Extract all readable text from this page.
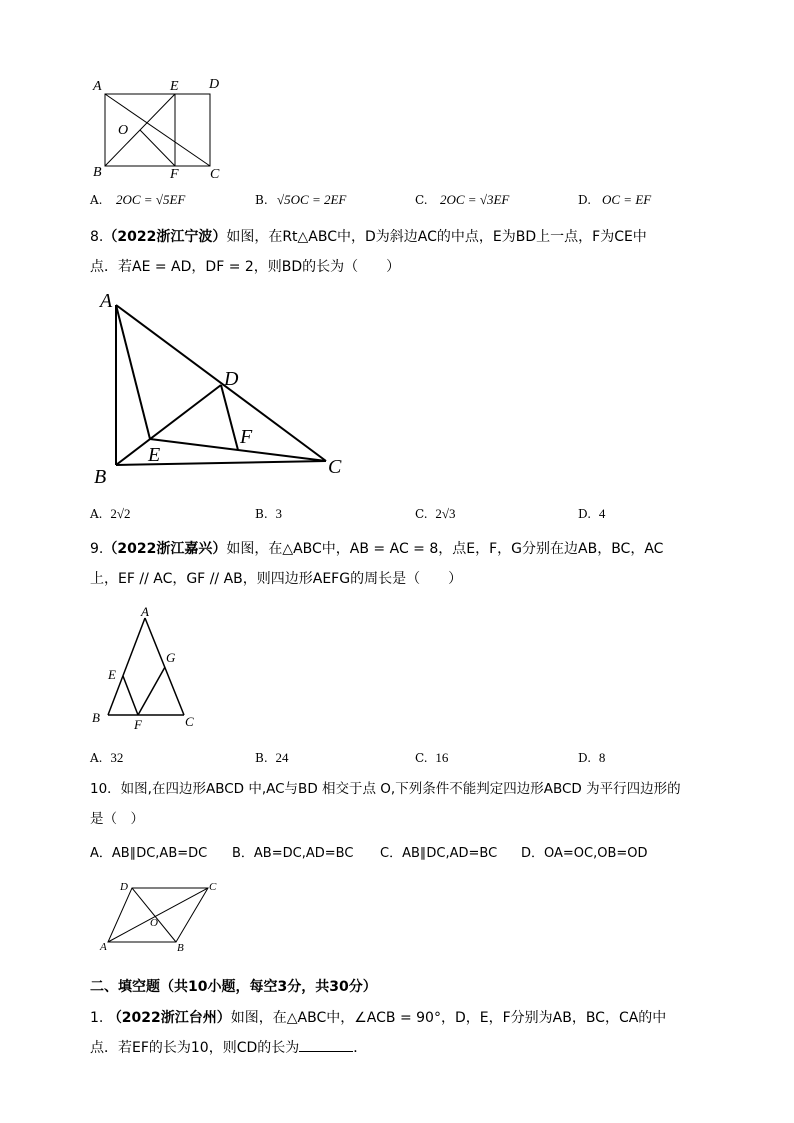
A	E D
O
B	F C
A. 2OC = √5EF	B. √5OC = 2EF	C. 2OC = √3EF	D. OC = EF
8.（2022浙江宁波）如图，在Rt△ABC中，D为斜边AC的中点，E为BD上一点，F为CE中
点．若AE = AD，DF = 2，则BD的长为（　　）
A
D
F
E
B	C
A. 2√2	B. 3	C. 2√3	D. 4
9.（2022浙江嘉兴）如图，在△ABC中，AB = AC = 8，点E，F，G分别在边AB，BC，AC
上，EF // AC，GF // AB，则四边形AEFG的周长是（　　）
A
G
E
B	F	C
A. 32	B. 24	C. 16	D. 8
10．如图,在四边形ABCD 中,AC与BD 相交于点 O,下列条件不能判定四边形ABCD 为平行四边形的
是（　）
A．AB∥DC,AB=DC B．AB=DC,AD=BC C．AB∥DC,AD=BC D．OA=OC,OB=OD
D	C
O
A	B
二、填空题（共10小题，每空3分，共30分）
1. （2022浙江台州）如图，在△ABC中，∠ACB = 90°，D，E，F分别为AB，BC，CA的中
点．若EF的长为10，则CD的长为	．
